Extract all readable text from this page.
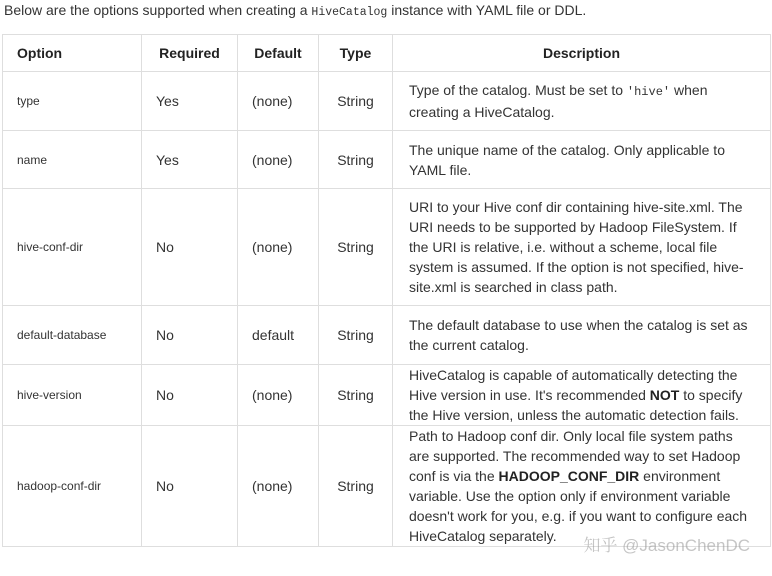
Below are the options supported when creating a HiveCatalog instance with YAML file or DDL.
Option	Required	Default	Type	Description
type	Yes	(none)	String	Type of the catalog. Must be set to 'hive' when creating a HiveCatalog.
name	Yes	(none)	String	The unique name of the catalog. Only applicable to YAML file.
hive-conf-dir	No	(none)	String	URI to your Hive conf dir containing hive-site.xml. The URI needs to be supported by Hadoop FileSystem. If the URI is relative, i.e. without a scheme, local file system is assumed. If the option is not specified, hive-site.xml is searched in class path.
default-database	No	default	String	The default database to use when the catalog is set as the current catalog.
hive-version	No	(none)	String	HiveCatalog is capable of automatically detecting the Hive version in use. It's recommended NOT to specify the Hive version, unless the automatic detection fails.
hadoop-conf-dir	No	(none)	String	Path to Hadoop conf dir. Only local file system paths are supported. The recommended way to set Hadoop conf is via the HADOOP_CONF_DIR environment variable. Use the option only if environment variable doesn't work for you, e.g. if you want to configure each HiveCatalog separately. 知乎 @JasonChenDC
